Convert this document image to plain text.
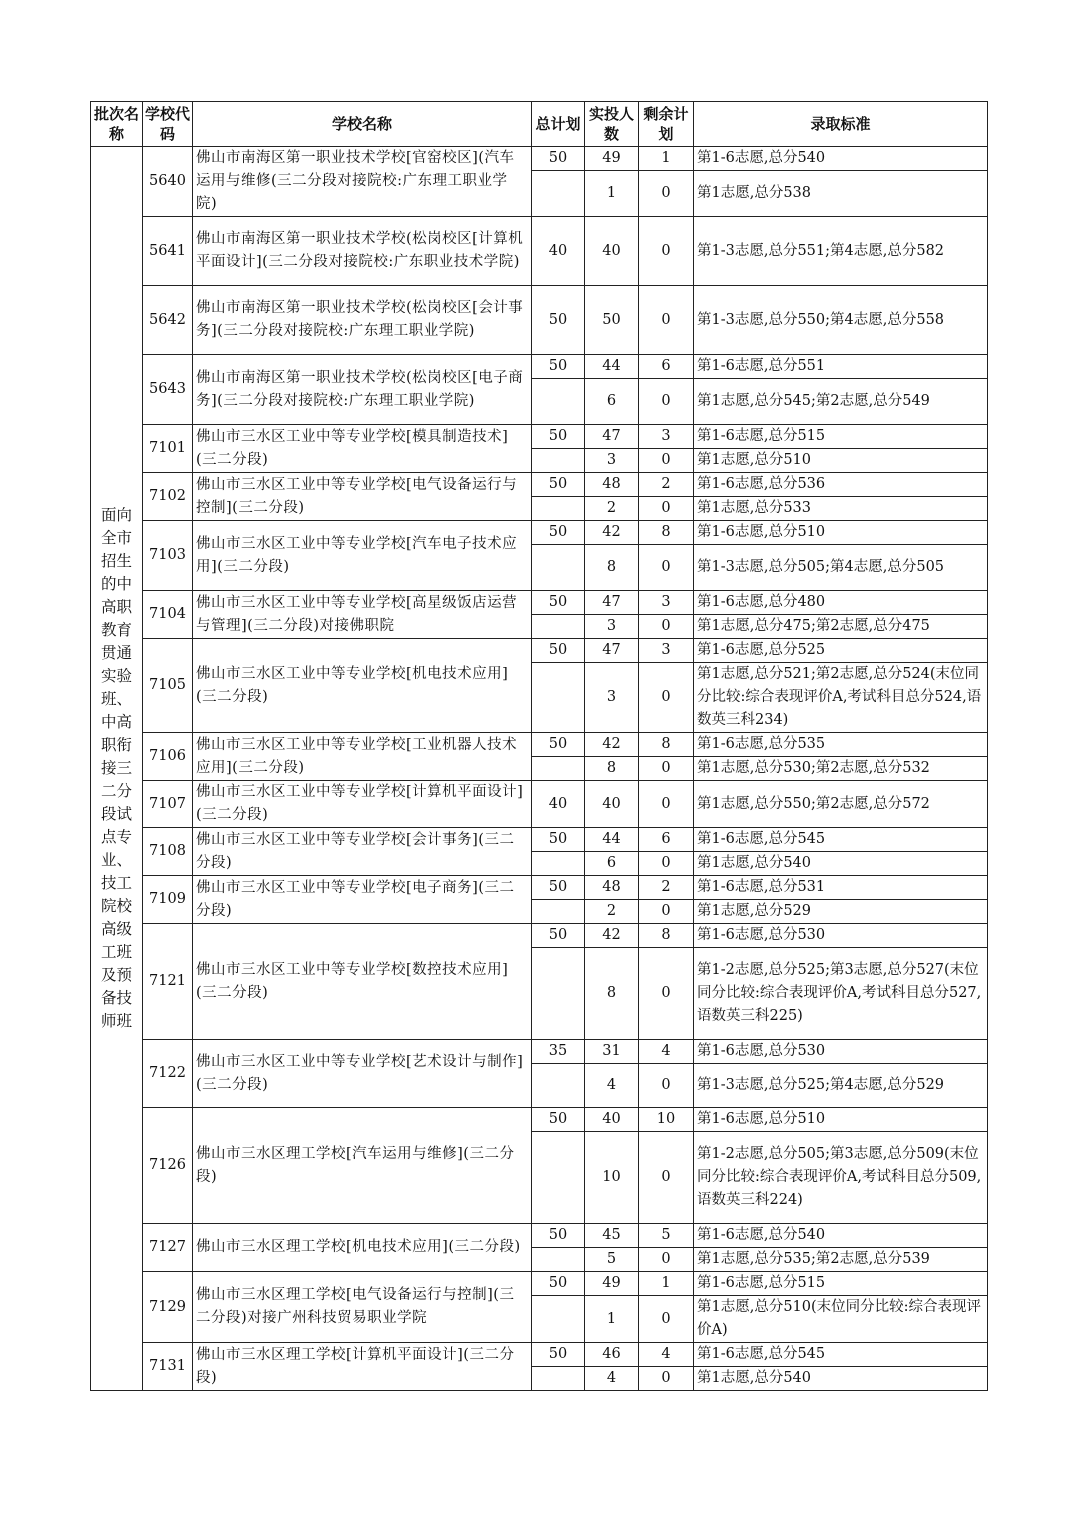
批次名称	学校代码	学校名称	总计划	实投人数	剩余计划	录取标准
面向全市招生的中高职教育贯通实验班、中高职衔接三二分段试点专业、技工院校高级工班及预备技师班	5640	佛山市南海区第一职业技术学校[官窑校区](汽车运用与维修(三二分段对接院校:广东理工职业学院)	50	49	1	第1-6志愿,总分540
				1	0	第1志愿,总分538
	5641	佛山市南海区第一职业技术学校(松岗校区[计算机平面设计](三二分段对接院校:广东职业技术学院)	40	40	0	第1-3志愿,总分551;第4志愿,总分582
	5642	佛山市南海区第一职业技术学校(松岗校区[会计事务](三二分段对接院校:广东理工职业学院)	50	50	0	第1-3志愿,总分550;第4志愿,总分558
	5643	佛山市南海区第一职业技术学校(松岗校区[电子商务](三二分段对接院校:广东理工职业学院)	50	44	6	第1-6志愿,总分551
				6	0	第1志愿,总分545;第2志愿,总分549
	7101	佛山市三水区工业中等专业学校[模具制造技术](三二分段)	50	47	3	第1-6志愿,总分515
				3	0	第1志愿,总分510
	7102	佛山市三水区工业中等专业学校[电气设备运行与控制](三二分段)	50	48	2	第1-6志愿,总分536
				2	0	第1志愿,总分533
	7103	佛山市三水区工业中等专业学校[汽车电子技术应用](三二分段)	50	42	8	第1-6志愿,总分510
				8	0	第1-3志愿,总分505;第4志愿,总分505
	7104	佛山市三水区工业中等专业学校[高星级饭店运营与管理](三二分段)对接佛职院	50	47	3	第1-6志愿,总分480
				3	0	第1志愿,总分475;第2志愿,总分475
	7105	佛山市三水区工业中等专业学校[机电技术应用](三二分段)	50	47	3	第1-6志愿,总分525
				3	0	第1志愿,总分521;第2志愿,总分524(末位同分比较:综合表现评价A,考试科目总分524,语数英三科234)
	7106	佛山市三水区工业中等专业学校[工业机器人技术应用](三二分段)	50	42	8	第1-6志愿,总分535
				8	0	第1志愿,总分530;第2志愿,总分532
	7107	佛山市三水区工业中等专业学校[计算机平面设计](三二分段)	40	40	0	第1志愿,总分550;第2志愿,总分572
	7108	佛山市三水区工业中等专业学校[会计事务](三二分段)	50	44	6	第1-6志愿,总分545
				6	0	第1志愿,总分540
	7109	佛山市三水区工业中等专业学校[电子商务](三二分段)	50	48	2	第1-6志愿,总分531
				2	0	第1志愿,总分529
	7121	佛山市三水区工业中等专业学校[数控技术应用](三二分段)	50	42	8	第1-6志愿,总分530
				8	0	第1-2志愿,总分525;第3志愿,总分527(末位同分比较:综合表现评价A,考试科目总分527,语数英三科225)
	7122	佛山市三水区工业中等专业学校[艺术设计与制作](三二分段)	35	31	4	第1-6志愿,总分530
				4	0	第1-3志愿,总分525;第4志愿,总分529
	7126	佛山市三水区理工学校[汽车运用与维修](三二分段)	50	40	10	第1-6志愿,总分510
				10	0	第1-2志愿,总分505;第3志愿,总分509(末位同分比较:综合表现评价A,考试科目总分509,语数英三科224)
	7127	佛山市三水区理工学校[机电技术应用](三二分段)	50	45	5	第1-6志愿,总分540
				5	0	第1志愿,总分535;第2志愿,总分539
	7129	佛山市三水区理工学校[电气设备运行与控制](三二分段)对接广州科技贸易职业学院	50	49	1	第1-6志愿,总分515
				1	0	第1志愿,总分510(末位同分比较:综合表现评价A)
	7131	佛山市三水区理工学校[计算机平面设计](三二分段)	50	46	4	第1-6志愿,总分545
				4	0	第1志愿,总分540
